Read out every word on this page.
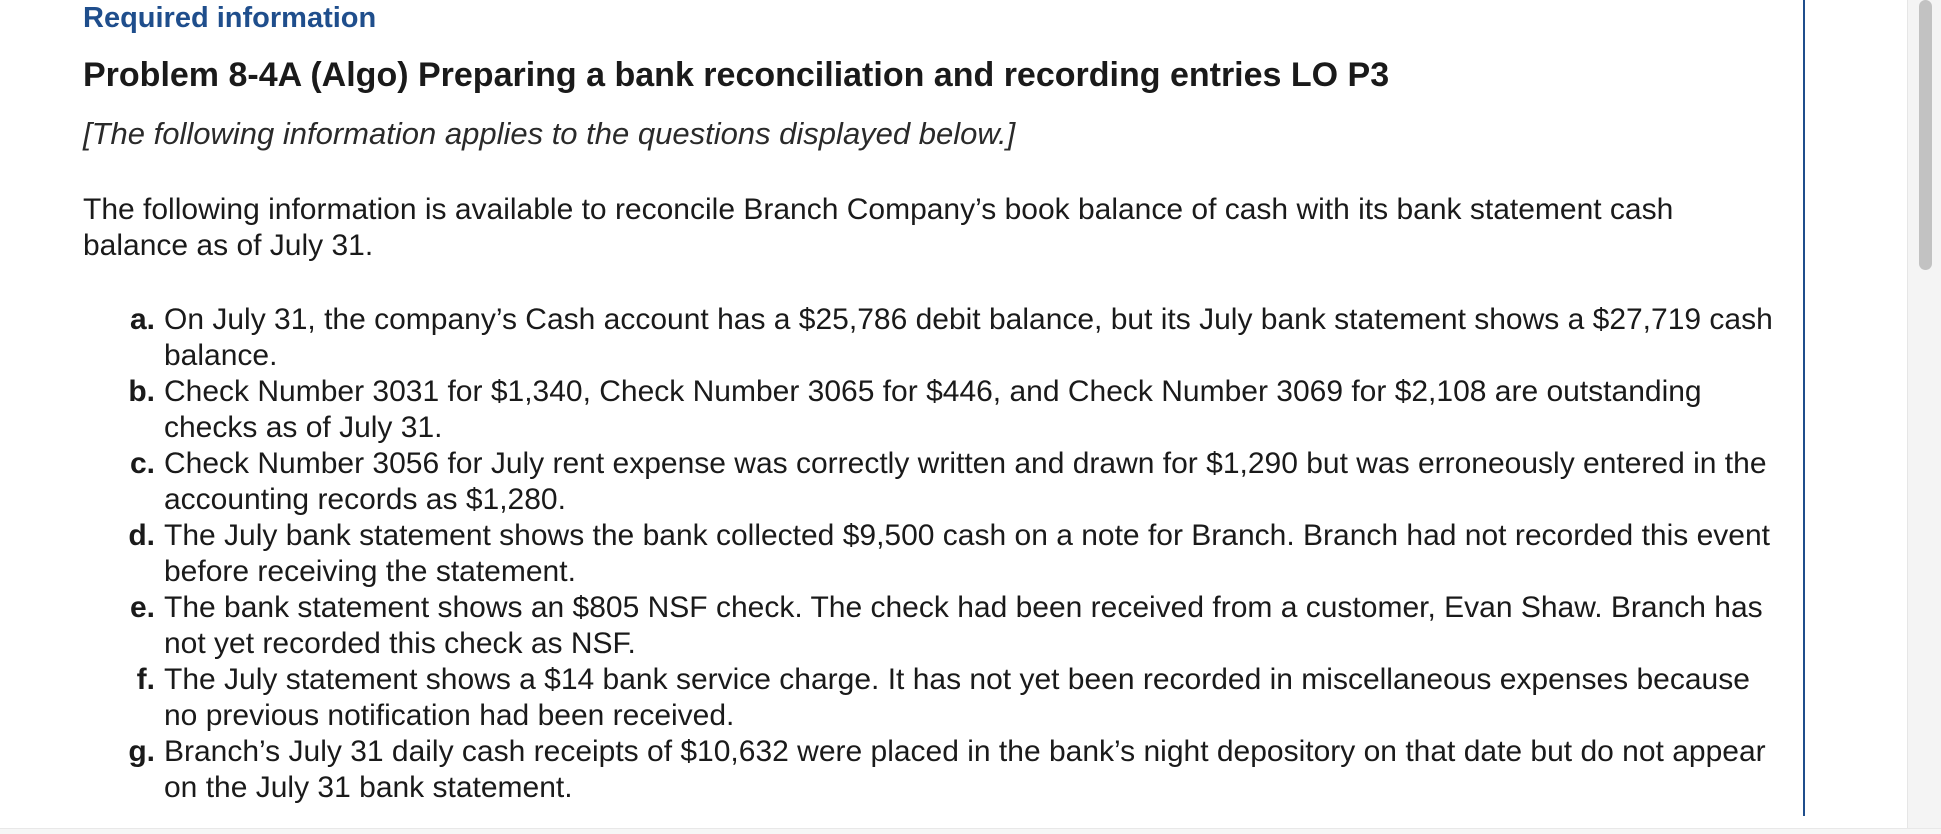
Required information
Problem 8-4A (Algo) Preparing a bank reconciliation and recording entries LO P3
[The following information applies to the questions displayed below.]
The following information is available to reconcile Branch Company’s book balance of cash with its bank statement cash balance as of July 31.
a. On July 31, the company’s Cash account has a $25,786 debit balance, but its July bank statement shows a $27,719 cash balance.
b. Check Number 3031 for $1,340, Check Number 3065 for $446, and Check Number 3069 for $2,108 are outstanding checks as of July 31.
c. Check Number 3056 for July rent expense was correctly written and drawn for $1,290 but was erroneously entered in the accounting records as $1,280.
d. The July bank statement shows the bank collected $9,500 cash on a note for Branch. Branch had not recorded this event before receiving the statement.
e. The bank statement shows an $805 NSF check. The check had been received from a customer, Evan Shaw. Branch has not yet recorded this check as NSF.
f. The July statement shows a $14 bank service charge. It has not yet been recorded in miscellaneous expenses because no previous notification had been received.
g. Branch’s July 31 daily cash receipts of $10,632 were placed in the bank’s night depository on that date but do not appear on the July 31 bank statement.
